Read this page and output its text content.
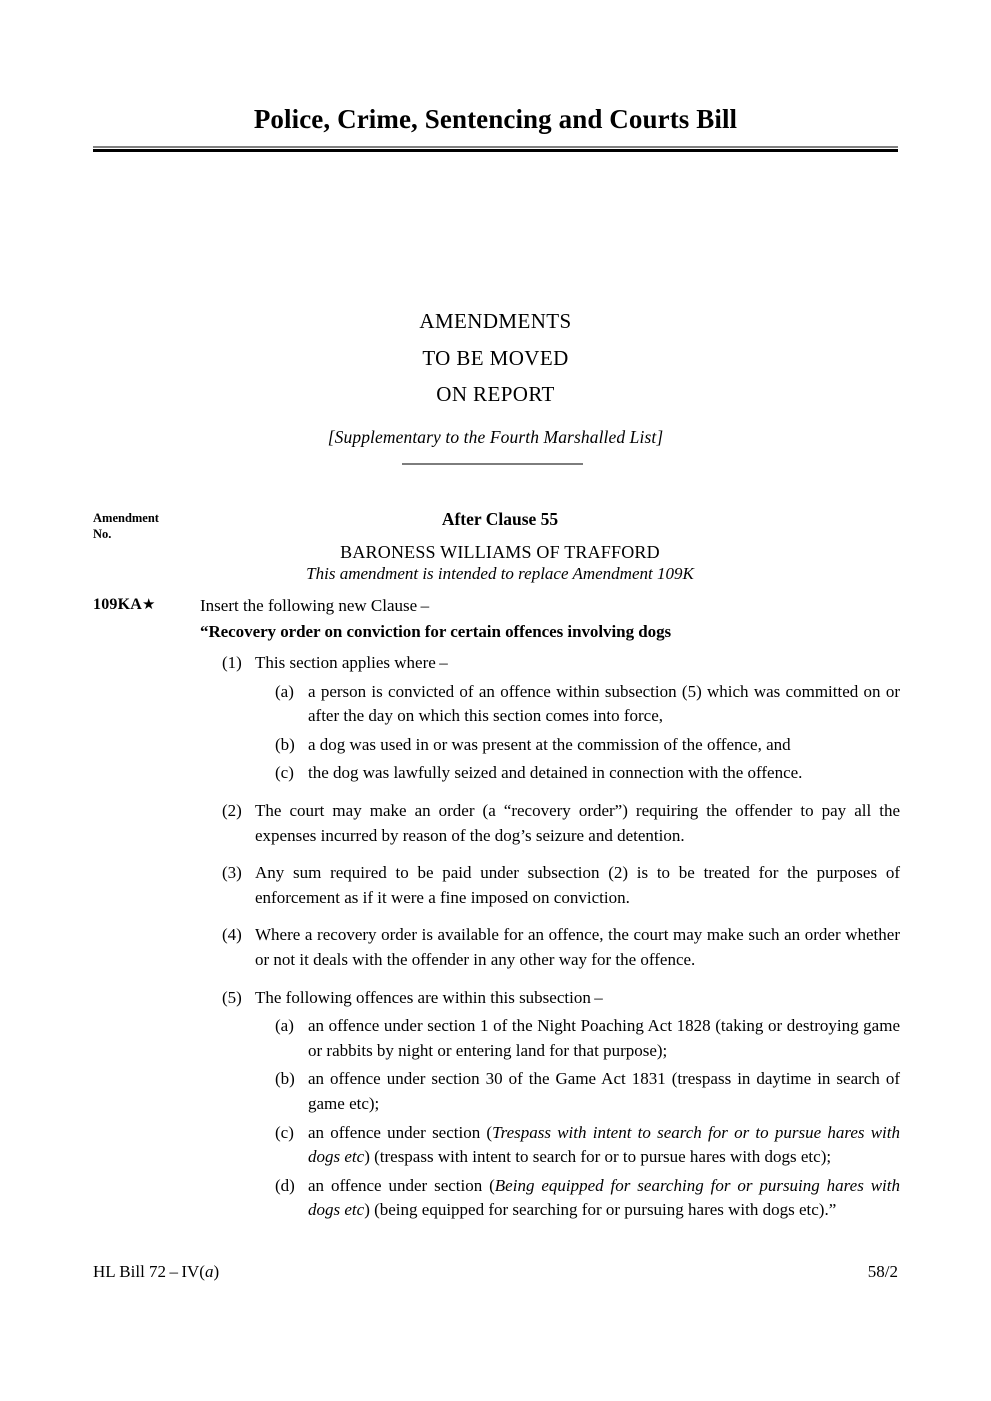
Police, Crime, Sentencing and Courts Bill
AMENDMENTS
TO BE MOVED
ON REPORT
[Supplementary to the Fourth Marshalled List]
Amendment
No.
After Clause 55
BARONESS WILLIAMS OF TRAFFORD
This amendment is intended to replace Amendment 109K
109KA★	Insert the following new Clause –
“Recovery order on conviction for certain offences involving dogs
(1) This section applies where –
(a) a person is convicted of an offence within subsection (5) which was committed on or after the day on which this section comes into force,
(b) a dog was used in or was present at the commission of the offence, and
(c) the dog was lawfully seized and detained in connection with the offence.
(2) The court may make an order (a “recovery order”) requiring the offender to pay all the expenses incurred by reason of the dog’s seizure and detention.
(3) Any sum required to be paid under subsection (2) is to be treated for the purposes of enforcement as if it were a fine imposed on conviction.
(4) Where a recovery order is available for an offence, the court may make such an order whether or not it deals with the offender in any other way for the offence.
(5) The following offences are within this subsection –
(a) an offence under section 1 of the Night Poaching Act 1828 (taking or destroying game or rabbits by night or entering land for that purpose);
(b) an offence under section 30 of the Game Act 1831 (trespass in daytime in search of game etc);
(c) an offence under section (Trespass with intent to search for or to pursue hares with dogs etc) (trespass with intent to search for or to pursue hares with dogs etc);
(d) an offence under section (Being equipped for searching for or pursuing hares with dogs etc) (being equipped for searching for or pursuing hares with dogs etc).”
HL Bill 72 – IV(a)	58/2
